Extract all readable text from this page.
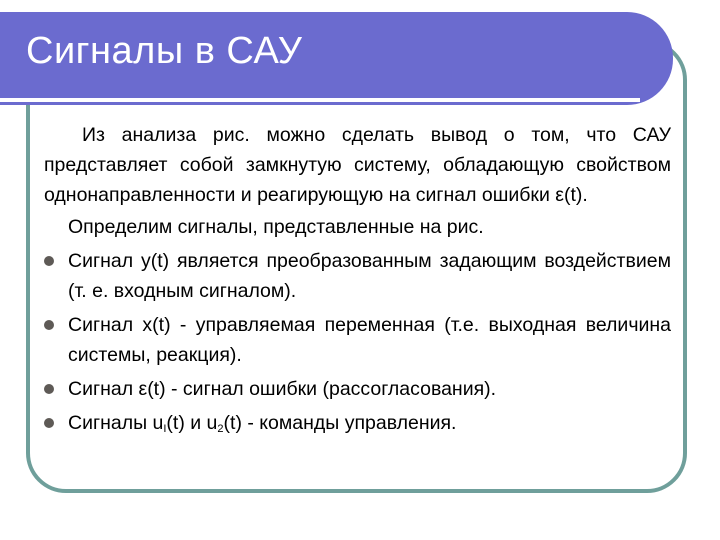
Сигналы в САУ

Из анализа рис. можно сделать вывод о том, что САУ представляет собой замкнутую систему, обладающую свойством однонаправленности и реагирующую на сигнал ошибки ε(t).

Определим сигналы, представленные на рис.

Сигнал y(t) является преобразованным задающим воздействием (т. е. входным сигналом).
Сигнал x(t) - управляемая переменная (т.е. выходная величина системы, реакция).
Сигнал ε(t) - сигнал ошибки (рассогласования).
Сигналы $u_I(t)$ и $u_2(t)$ - команды управления.
